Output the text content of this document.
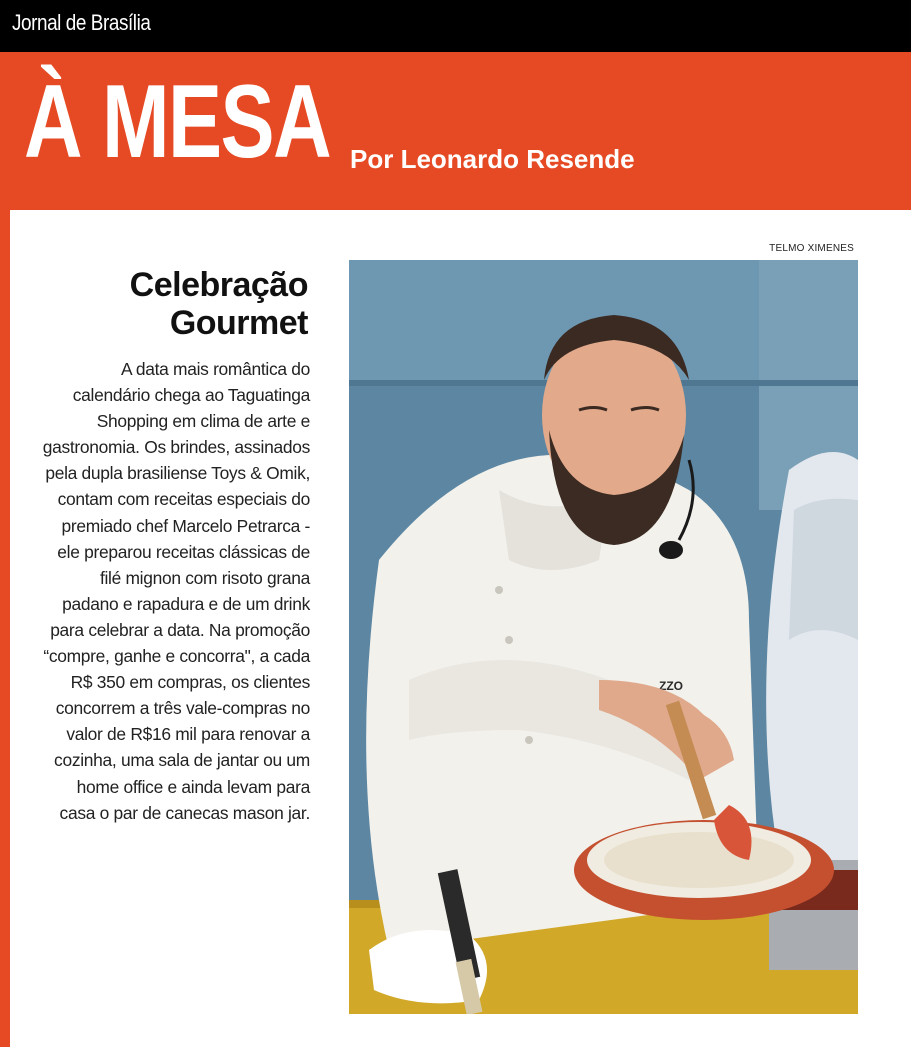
Jornal de Brasília
À MESA Por Leonardo Resende
Celebração
Gourmet

A data mais romântica do calendário chega ao Taguatinga Shopping em clima de arte e gastronomia. Os brindes, assinados pela dupla brasiliense Toys & Omik, contam com receitas especiais do premiado chef Marcelo Petrarca - ele preparou receitas clássicas de filé mignon com risoto grana padano e rapadura e de um drink para celebrar a data. Na promoção “compre, ganhe e concorra", a cada R$ 350 em compras, os clientes concorrem a três vale-compras no valor de R$16 mil para renovar a cozinha, uma sala de jantar ou um home office e ainda levam para casa o par de canecas mason jar.

TELMO XIMENES
ZZO
